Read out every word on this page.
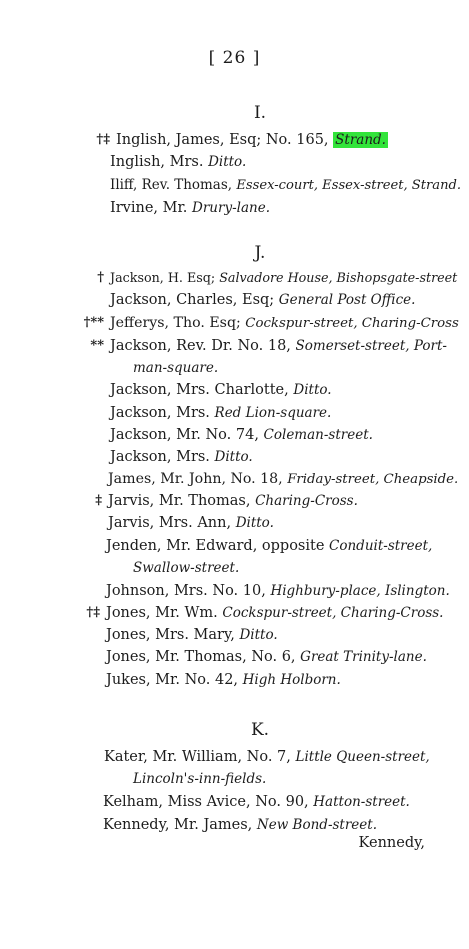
[ 26 ]
I.
†‡ Inglish, James, Esq; No. 165, Strand.
Inglish, Mrs. Ditto.
Iliff, Rev. Thomas, Essex-court, Essex-street, Strand.
Irvine, Mr. Drury-lane.
J.
† Jackson, H. Esq; Salvadore House, Bishopsgate-street
Jackson, Charles, Esq; General Post Office.
†** Jefferys, Tho. Esq; Cockspur-street, Charing-Cross
** Jackson, Rev. Dr. No. 18, Somerset-street, Port-
man-square.
Jackson, Mrs. Charlotte, Ditto.
Jackson, Mrs. Red Lion-square.
Jackson, Mr. No. 74, Coleman-street.
Jackson, Mrs. Ditto.
James, Mr. John, No. 18, Friday-street, Cheapside.
‡ Jarvis, Mr. Thomas, Charing-Cross.
Jarvis, Mrs. Ann, Ditto.
Jenden, Mr. Edward, opposite Conduit-street,
Swallow-street.
Johnson, Mrs. No. 10, Highbury-place, Islington.
†‡ Jones, Mr. Wm. Cockspur-street, Charing-Cross.
Jones, Mrs. Mary, Ditto.
Jones, Mr. Thomas, No. 6, Great Trinity-lane.
Jukes, Mr. No. 42, High Holborn.
K.
Kater, Mr. William, No. 7, Little Queen-street,
Lincoln's-inn-fields.
Kelham, Miss Avice, No. 90, Hatton-street.
Kennedy, Mr. James, New Bond-street.
Kennedy,
